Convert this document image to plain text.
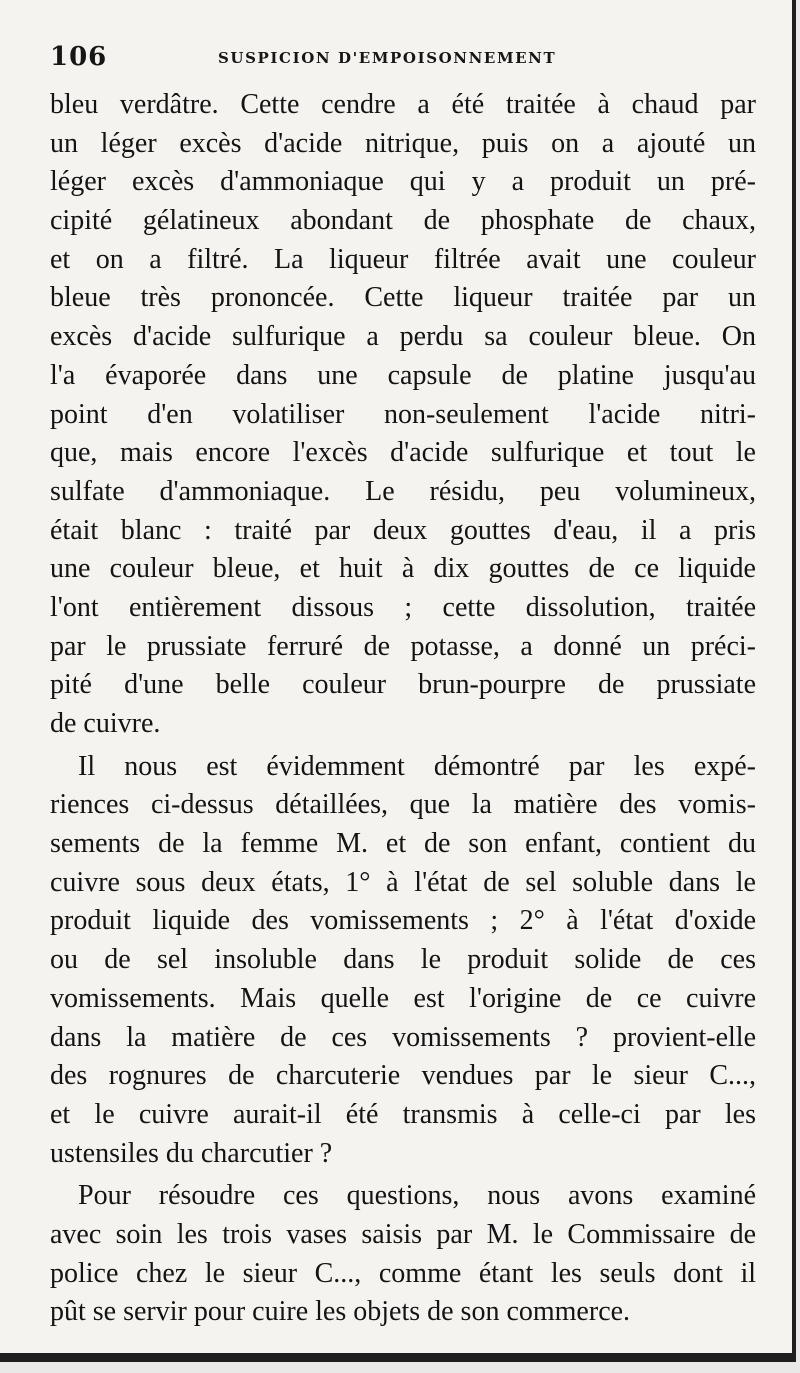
106	SUSPICION D'EMPOISONNEMENT
bleu verdâtre. Cette cendre a été traitée à chaud par
un léger excès d'acide nitrique, puis on a ajouté un
léger excès d'ammoniaque qui y a produit un pré-
cipité gélatineux abondant de phosphate de chaux,
et on a filtré. La liqueur filtrée avait une couleur
bleue très prononcée. Cette liqueur traitée par un
excès d'acide sulfurique a perdu sa couleur bleue. On
l'a évaporée dans une capsule de platine jusqu'au
point d'en volatiliser non-seulement l'acide nitri-
que, mais encore l'excès d'acide sulfurique et tout le
sulfate d'ammoniaque. Le résidu, peu volumineux,
était blanc : traité par deux gouttes d'eau, il a pris
une couleur bleue, et huit à dix gouttes de ce liquide
l'ont entièrement dissous ; cette dissolution, traitée
par le prussiate ferruré de potasse, a donné un préci-
pité d'une belle couleur brun-pourpre de prussiate
de cuivre.
Il nous est évidemment démontré par les expé-
riences ci-dessus détaillées, que la matière des vomis-
sements de la femme M. et de son enfant, contient du
cuivre sous deux états, 1° à l'état de sel soluble dans le
produit liquide des vomissements ; 2° à l'état d'oxide
ou de sel insoluble dans le produit solide de ces
vomissements. Mais quelle est l'origine de ce cuivre
dans la matière de ces vomissements ? provient-elle
des rognures de charcuterie vendues par le sieur C...,
et le cuivre aurait-il été transmis à celle-ci par les
ustensiles du charcutier ?
Pour résoudre ces questions, nous avons examiné
avec soin les trois vases saisis par M. le Commissaire de
police chez le sieur C..., comme étant les seuls dont il
pût se servir pour cuire les objets de son commerce.
